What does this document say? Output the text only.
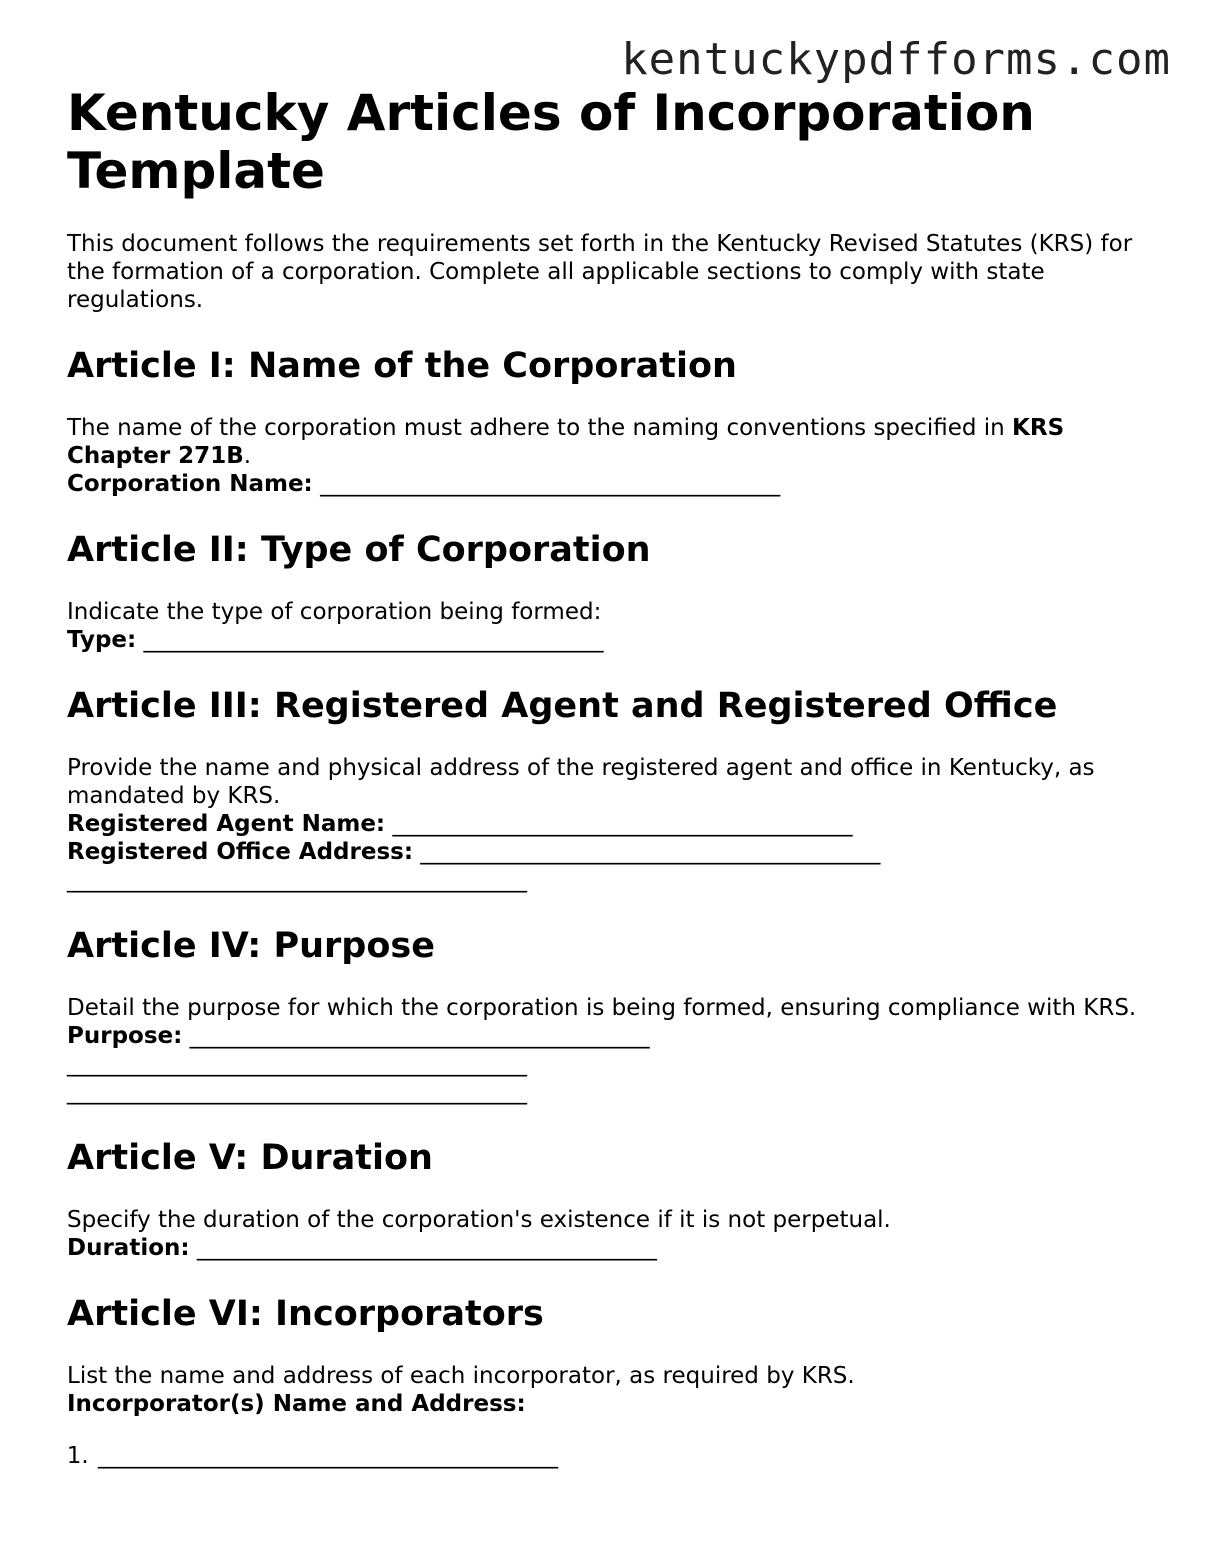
kentuckypdfforms.com
Kentucky Articles of Incorporation Template

This document follows the requirements set forth in the Kentucky Revised Statutes (KRS) for the formation of a corporation. Complete all applicable sections to comply with state regulations.

Article I: Name of the Corporation
The name of the corporation must adhere to the naming conventions specified in KRS Chapter 271B.
Corporation Name: ________________________________________
Article II: Type of Corporation
Indicate the type of corporation being formed:
Type: ________________________________________
Article III: Registered Agent and Registered Office
Provide the name and physical address of the registered agent and office in Kentucky, as mandated by KRS.
Registered Agent Name: ________________________________________
Registered Office Address: ________________________________________
________________________________________
Article IV: Purpose
Detail the purpose for which the corporation is being formed, ensuring compliance with KRS.
Purpose: ________________________________________
________________________________________
________________________________________
Article V: Duration
Specify the duration of the corporation's existence if it is not perpetual.
Duration: ________________________________________
Article VI: Incorporators
List the name and address of each incorporator, as required by KRS.
Incorporator(s) Name and Address:
1. ________________________________________
